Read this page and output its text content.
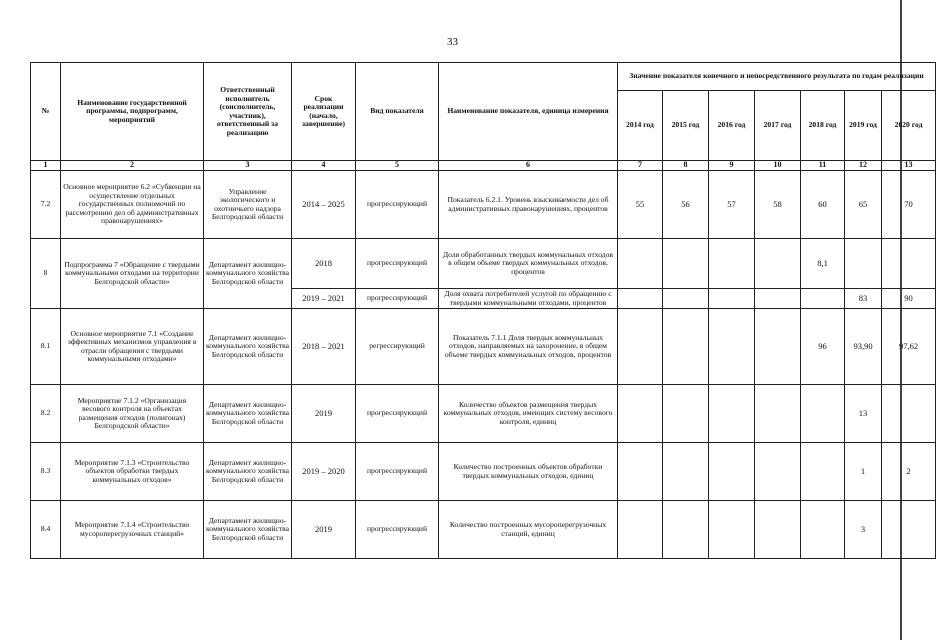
33
№	Наименование государственной программы, подпрограмм, мероприятий	Ответственный исполнитель (соисполнитель, участник), ответственный за реализацию	Срок реализации (начало, завершение)	Вид показателя	Наименование показателя, единица измерения	Значение показателя конечного и непосредственного результата по годам реализации						
						2014 год	2015 год	2016 год	2017 год	2018 год	2019 год	2020 год
1	2	3	4	5	6	7	8	9	10	11	12	13
7.2	Основное мероприятие 6.2 «Субвенции на осуществление отдельных государственных полномочий по рассмотрению дел об административных правонарушениях»	Управление экологического и охотничьего надзора Белгородской области	2014 – 2025	прогрессирующий	Показатель 6.2.1. Уровень взыскиваемости дел об административных правонарушениях, процентов	55	56	57	58	60	65	70
8	Подпрограмма 7 «Обращение с твердыми коммунальными отходами на территории Белгородской области»	Департамент жилищно-коммунального хозяйства Белгородской области	2018	прогрессирующий	Доля обработанных твердых коммунальных отходов в общем объеме твердых коммунальных отходов, процентов					8,1		
			2019 – 2021	прогрессирующий	Доля охвата потребителей услугой по обращению с твердыми коммунальными отходами, процентов						83	90
8.1	Основное мероприятие 7.1 «Создание эффективных механизмов управления в отрасли обращения с твердыми коммунальными отходами»	Департамент жилищно-коммунального хозяйства Белгородской области	2018 – 2021	регрессирующий	Показатель 7.1.1 Доля твердых коммунальных отходов, направляемых на захоронение, в общем объеме твердых коммунальных отходов, процентов					96	93,90	97,62
8.2	Мероприятие 7.1.2 «Организация весового контроля на объектах размещения отходов (полигонах) Белгородской области»	Департамент жилищно-коммунального хозяйства Белгородской области	2019	прогрессирующий	Количество объектов размещения твердых коммунальных отходов, имеющих систему весового контроля, единиц						13	
8.3	Мероприятие 7.1.3 «Строительство объектов обработки твердых коммунальных отходов»	Департамент жилищно-коммунального хозяйства Белгородской области	2019 – 2020	прогрессирующий	Количество построенных объектов обработки твердых коммунальных отходов, единиц						1	2
8.4	Мероприятие 7.1.4 «Строительство мусороперегрузочных станций»	Департамент жилищно-коммунального хозяйства Белгородской области	2019	прогрессирующий	Количество построенных мусороперегрузочных станций, единиц						3	
